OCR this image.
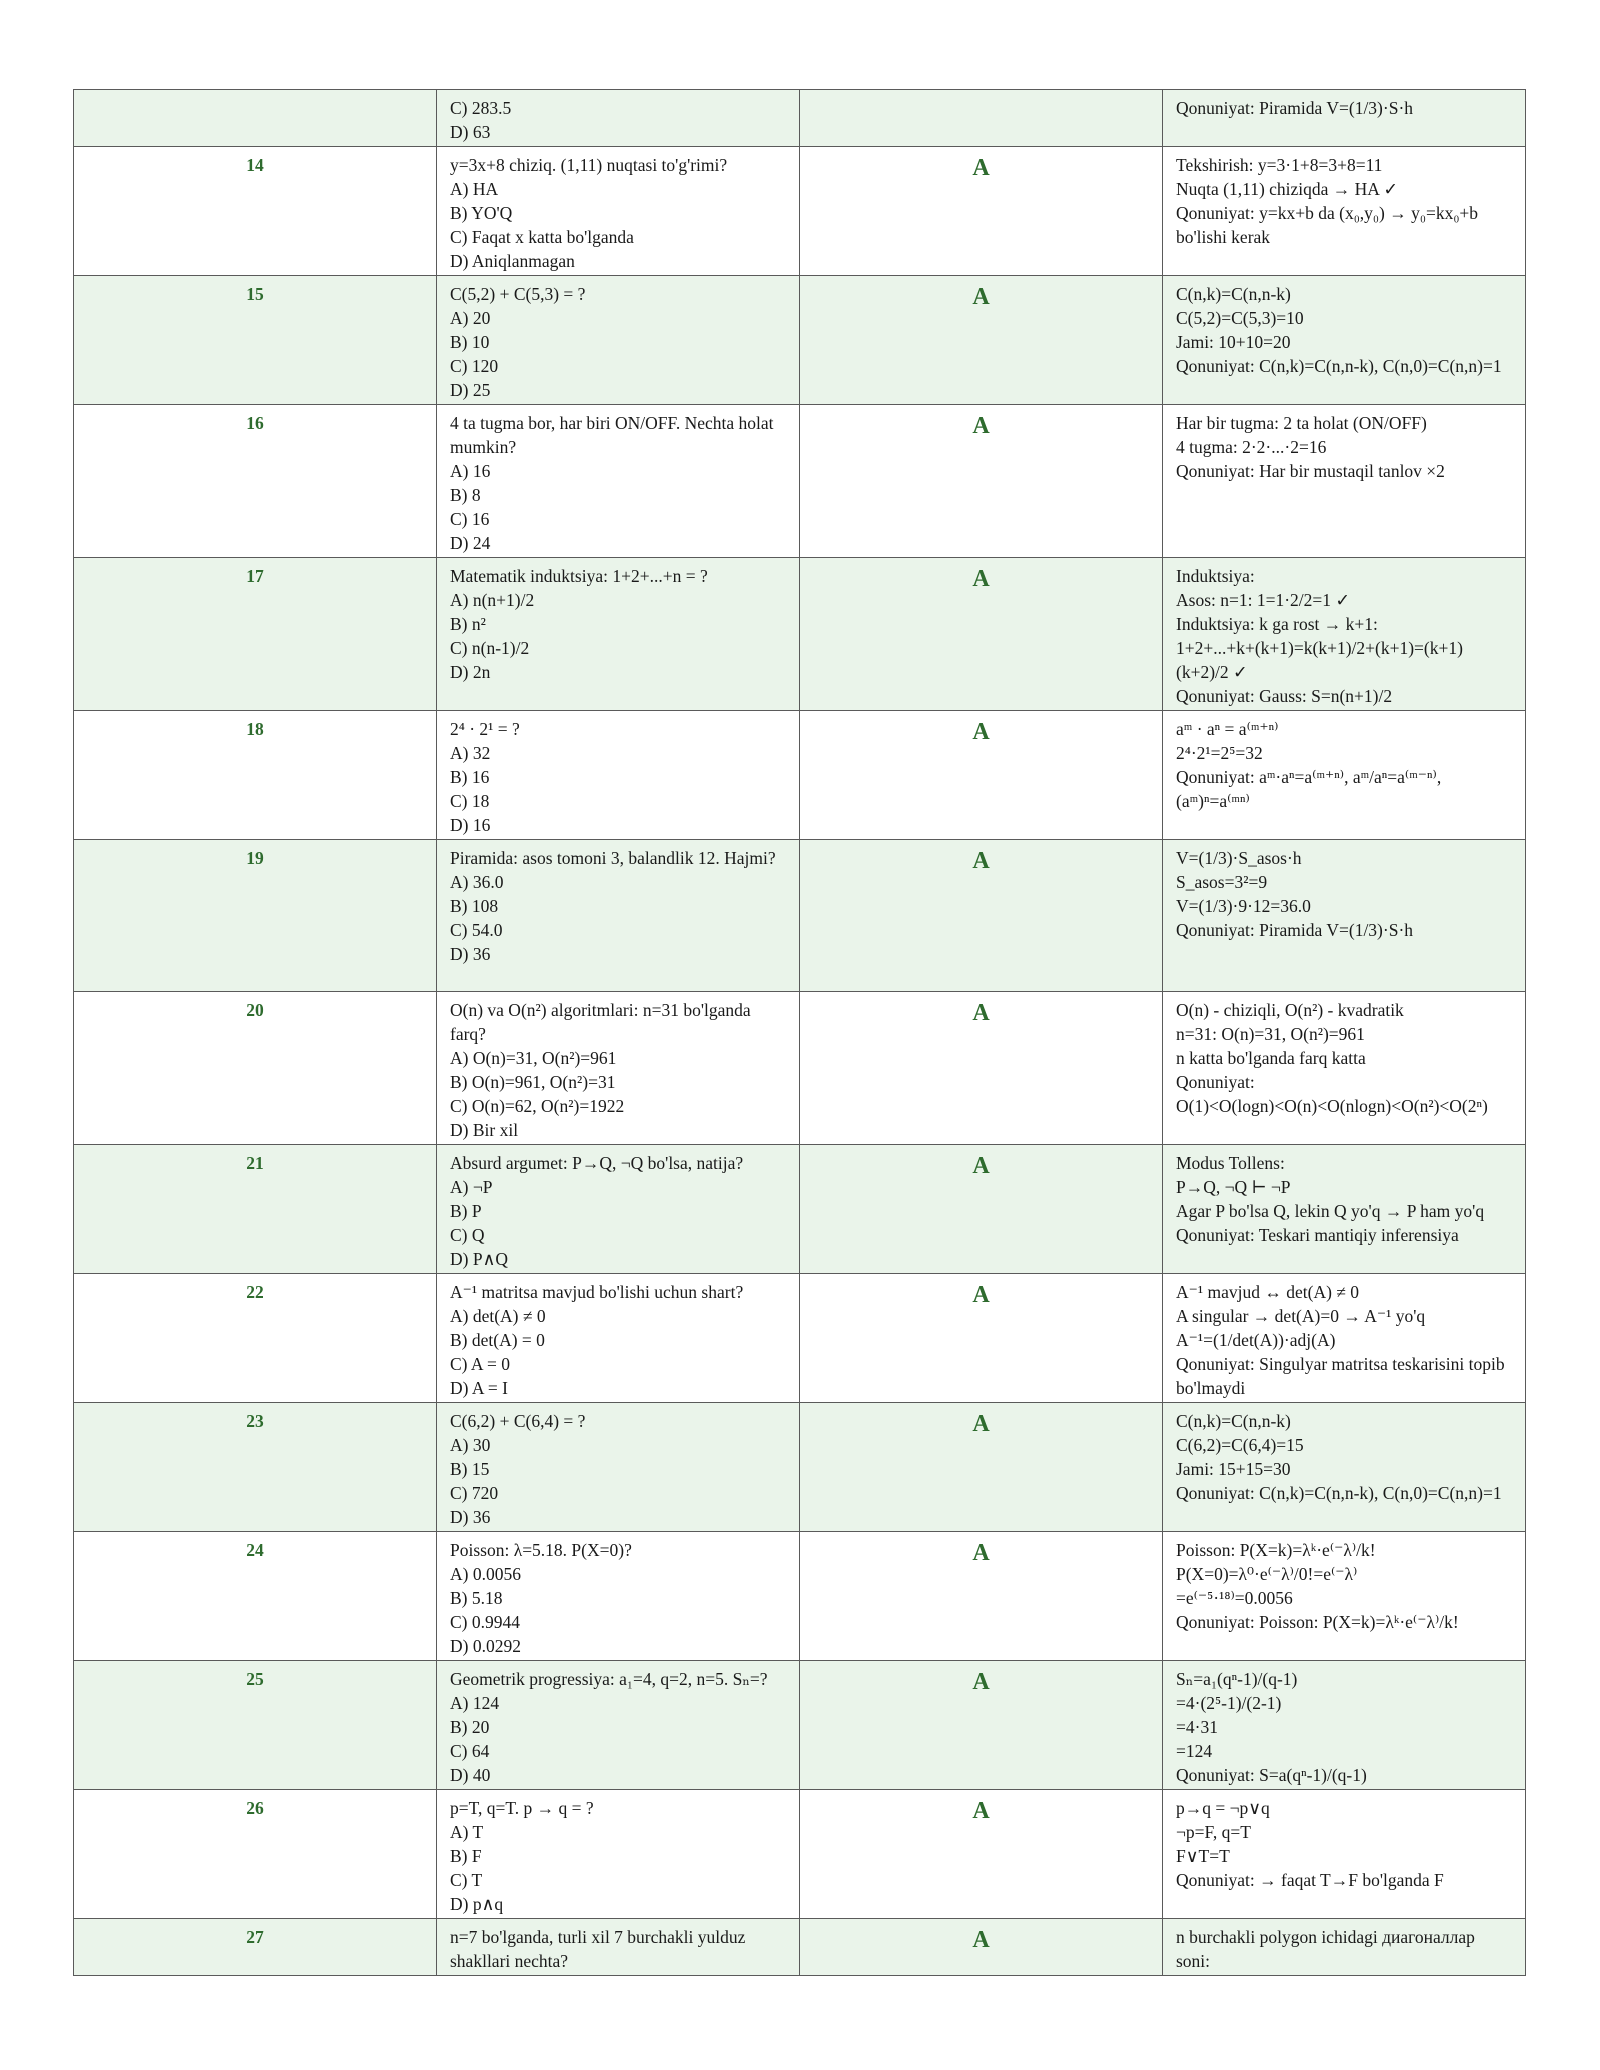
	C) 283.5
D) 63		Qonuniyat: Piramida V=(1/3)·S·h

14	y=3x+8 chiziq. (1,11) nuqtasi to'g'rimi?
A) HA
B) YO'Q
C) Faqat x katta bo'lganda
D) Aniqlanmagan	A	Tekshirish: y=3·1+8=3+8=11
Nuqta (1,11) chiziqda → HA ✓
Qonuniyat: y=kx+b da (x₀,y₀) → y₀=kx₀+b bo'lishi kerak

15	C(5,2) + C(5,3) = ?
A) 20
B) 10
C) 120
D) 25	A	C(n,k)=C(n,n-k)
C(5,2)=C(5,3)=10
Jami: 10+10=20
Qonuniyat: C(n,k)=C(n,n-k), C(n,0)=C(n,n)=1

16	4 ta tugma bor, har biri ON/OFF. Nechta holat mumkin?
A) 16
B) 8
C) 16
D) 24	A	Har bir tugma: 2 ta holat (ON/OFF)
4 tugma: 2·2·...·2=16
Qonuniyat: Har bir mustaqil tanlov ×2

17	Matematik induktsiya: 1+2+...+n = ?
A) n(n+1)/2
B) n²
C) n(n-1)/2
D) 2n	A	Induktsiya:
Asos: n=1: 1=1·2/2=1 ✓
Induktsiya: k ga rost → k+1:
1+2+...+k+(k+1)=k(k+1)/2+(k+1)=(k+1)(k+2)/2 ✓
Qonuniyat: Gauss: S=n(n+1)/2

18	2⁴ · 2¹ = ?
A) 32
B) 16
C) 18
D) 16	A	aᵐ · aⁿ = a⁽ᵐ⁺ⁿ⁾
2⁴·2¹=2⁵=32
Qonuniyat: aᵐ·aⁿ=a⁽ᵐ⁺ⁿ⁾, aᵐ/aⁿ=a⁽ᵐ⁻ⁿ⁾, (aᵐ)ⁿ=a⁽ᵐⁿ⁾

19	Piramida: asos tomoni 3, balandlik 12. Hajmi?
A) 36.0
B) 108
C) 54.0
D) 36	A	V=(1/3)·S_asos·h
S_asos=3²=9
V=(1/3)·9·12=36.0
Qonuniyat: Piramida V=(1/3)·S·h

20	O(n) va O(n²) algoritmlari: n=31 bo'lganda farq?
A) O(n)=31, O(n²)=961
B) O(n)=961, O(n²)=31
C) O(n)=62, O(n²)=1922
D) Bir xil	A	O(n) - chiziqli, O(n²) - kvadratik
n=31: O(n)=31, O(n²)=961
n katta bo'lganda farq katta
Qonuniyat:
O(1)<O(logn)<O(n)<O(nlogn)<O(n²)<O(2ⁿ)

21	Absurd argumet: P→Q, ¬Q bo'lsa, natija?
A) ¬P
B) P
C) Q
D) P∧Q	A	Modus Tollens:
P→Q, ¬Q ⊢ ¬P
Agar P bo'lsa Q, lekin Q yo'q → P ham yo'q
Qonuniyat: Teskari mantiqiy inferensiya

22	A⁻¹ matritsa mavjud bo'lishi uchun shart?
A) det(A) ≠ 0
B) det(A) = 0
C) A = 0
D) A = I	A	A⁻¹ mavjud ↔ det(A) ≠ 0
A singular → det(A)=0 → A⁻¹ yo'q
A⁻¹=(1/det(A))·adj(A)
Qonuniyat: Singulyar matritsa teskarisini topib bo'lmaydi

23	C(6,2) + C(6,4) = ?
A) 30
B) 15
C) 720
D) 36	A	C(n,k)=C(n,n-k)
C(6,2)=C(6,4)=15
Jami: 15+15=30
Qonuniyat: C(n,k)=C(n,n-k), C(n,0)=C(n,n)=1

24	Poisson: λ=5.18. P(X=0)?
A) 0.0056
B) 5.18
C) 0.9944
D) 0.0292	A	Poisson: P(X=k)=λᵏ·e⁽⁻λ⁾/k!
P(X=0)=λ⁰·e⁽⁻λ⁾/0!=e⁽⁻λ⁾
=e⁽⁻⁵·¹⁸⁾=0.0056
Qonuniyat: Poisson: P(X=k)=λᵏ·e⁽⁻λ⁾/k!

25	Geometrik progressiya: a₁=4, q=2, n=5. Sₙ=?
A) 124
B) 20
C) 64
D) 40	A	Sₙ=a₁(qⁿ-1)/(q-1)
=4·(2⁵-1)/(2-1)
=4·31
=124
Qonuniyat: S=a(qⁿ-1)/(q-1)

26	p=T, q=T. p → q = ?
A) T
B) F
C) T
D) p∧q	A	p→q = ¬p∨q
¬p=F, q=T
F∨T=T
Qonuniyat: → faqat T→F bo'lganda F

27	n=7 bo'lganda, turli xil 7 burchakli yulduz shakllari nechta?	A	n burchakli polygon ichidagi диагоналлар soni:
